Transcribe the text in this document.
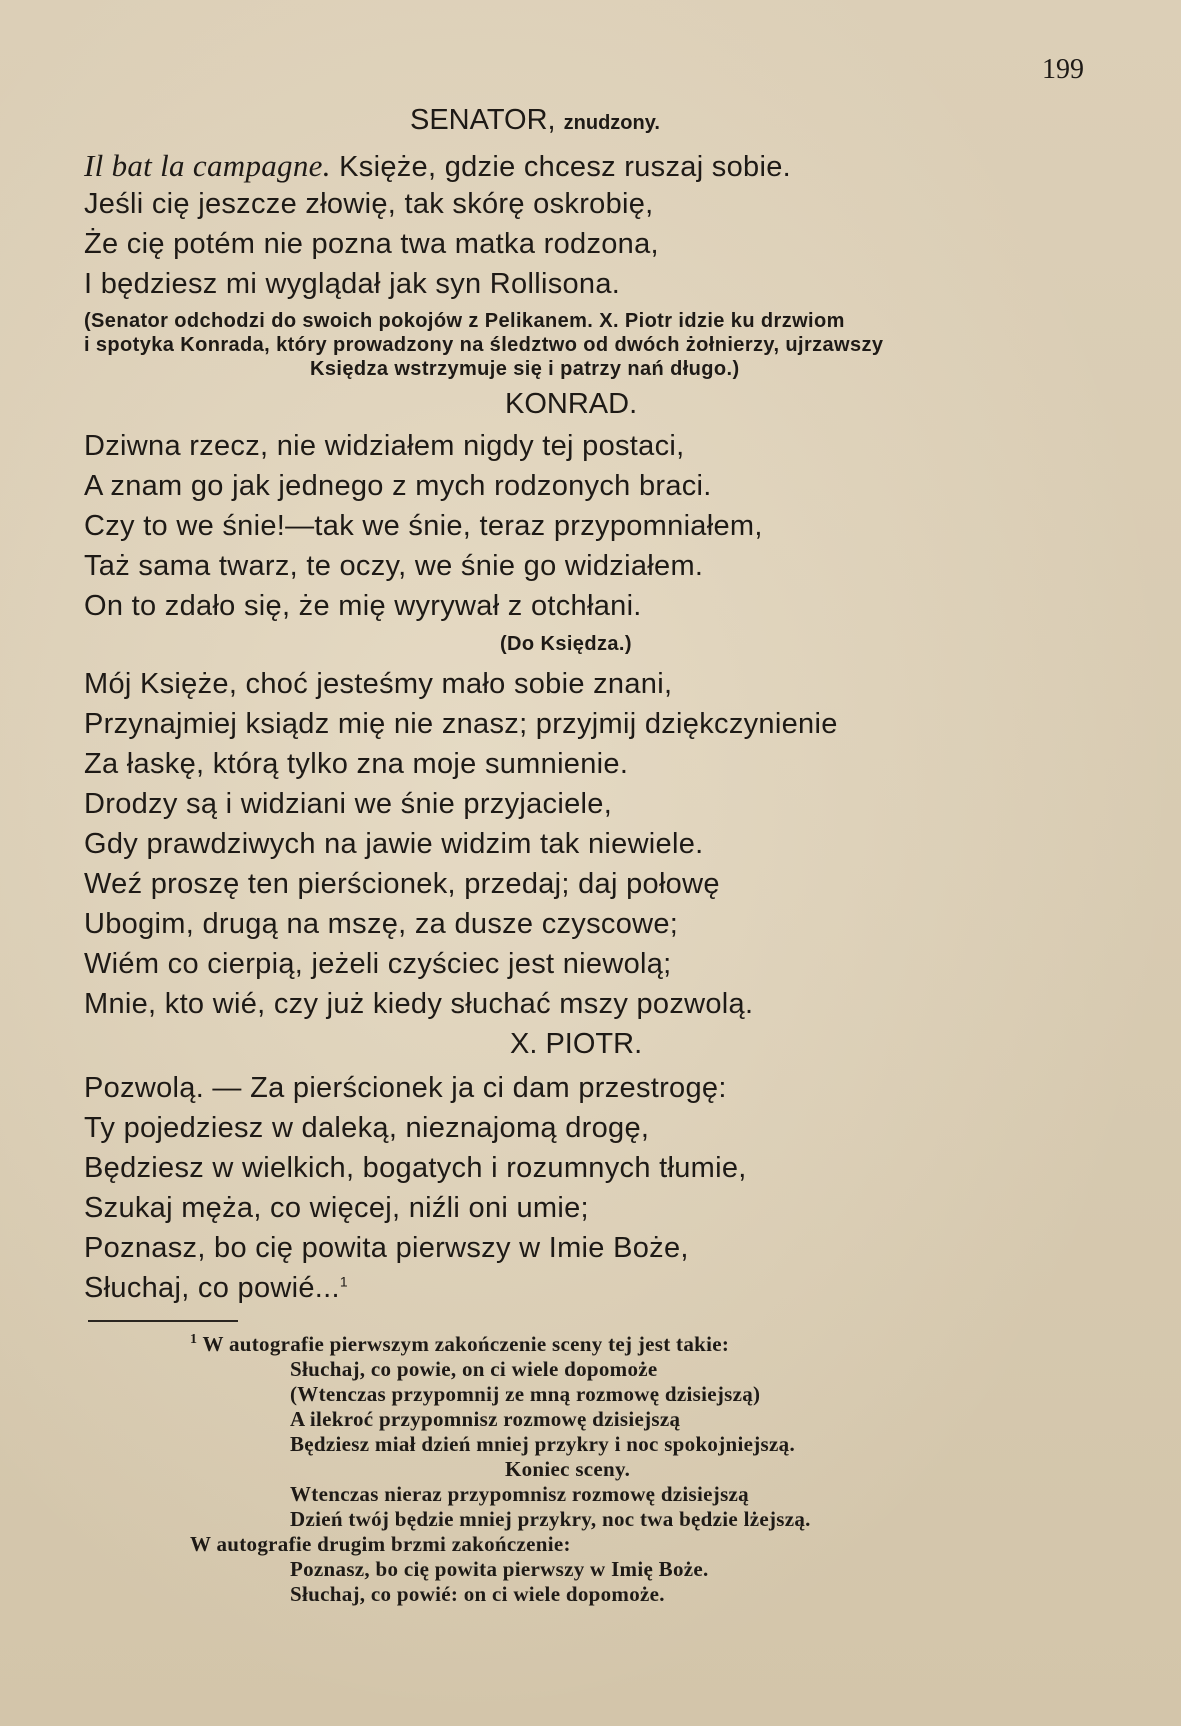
199
SENATOR, znudzony.
Il bat la campagne. Księże, gdzie chcesz ruszaj sobie.
Jeśli cię jeszcze złowię, tak skórę oskrobię,
Że cię potém nie pozna twa matka rodzona,
I będziesz mi wyglądał jak syn Rollisona.
(Senator odchodzi do swoich pokojów z Pelikanem. X. Piotr idzie ku drzwiom
i spotyka Konrada, który prowadzony na śledztwo od dwóch żołnierzy, ujrzawszy
Księdza wstrzymuje się i patrzy nań długo.)
KONRAD.
Dziwna rzecz, nie widziałem nigdy tej postaci,
A znam go jak jednego z mych rodzonych braci.
Czy to we śnie!—tak we śnie, teraz przypomniałem,
Taż sama twarz, te oczy, we śnie go widziałem.
On to zdało się, że mię wyrywał z otchłani.
(Do Księdza.)
Mój Księże, choć jesteśmy mało sobie znani,
Przynajmiej ksiądz mię nie znasz; przyjmij dziękczynienie
Za łaskę, którą tylko zna moje sumnienie.
Drodzy są i widziani we śnie przyjaciele,
Gdy prawdziwych na jawie widzim tak niewiele.
Weź proszę ten pierścionek, przedaj; daj połowę
Ubogim, drugą na mszę, za dusze czyscowe;
Wiém co cierpią, jeżeli czyściec jest niewolą;
Mnie, kto wié, czy już kiedy słuchać mszy pozwolą.
X. PIOTR.
Pozwolą. — Za pierścionek ja ci dam przestrogę:
Ty pojedziesz w daleką, nieznajomą drogę,
Będziesz w wielkich, bogatych i rozumnych tłumie,
Szukaj męża, co więcej, niźli oni umie;
Poznasz, bo cię powita pierwszy w Imie Boże,
Słuchaj, co powié...$^1$
$^1$ W autografie pierwszym zakończenie sceny tej jest takie:
Słuchaj, co powie, on ci wiele dopomoże
(Wtenczas przypomnij ze mną rozmowę dzisiejszą)
A ilekroć przypomnisz rozmowę dzisiejszą
Będziesz miał dzień mniej przykry i noc spokojniejszą.
Koniec sceny.
Wtenczas nieraz przypomnisz rozmowę dzisiejszą
Dzień twój będzie mniej przykry, noc twa będzie lżejszą.
W autografie drugim brzmi zakończenie:
Poznasz, bo cię powita pierwszy w Imię Boże.
Słuchaj, co powié: on ci wiele dopomoże.
